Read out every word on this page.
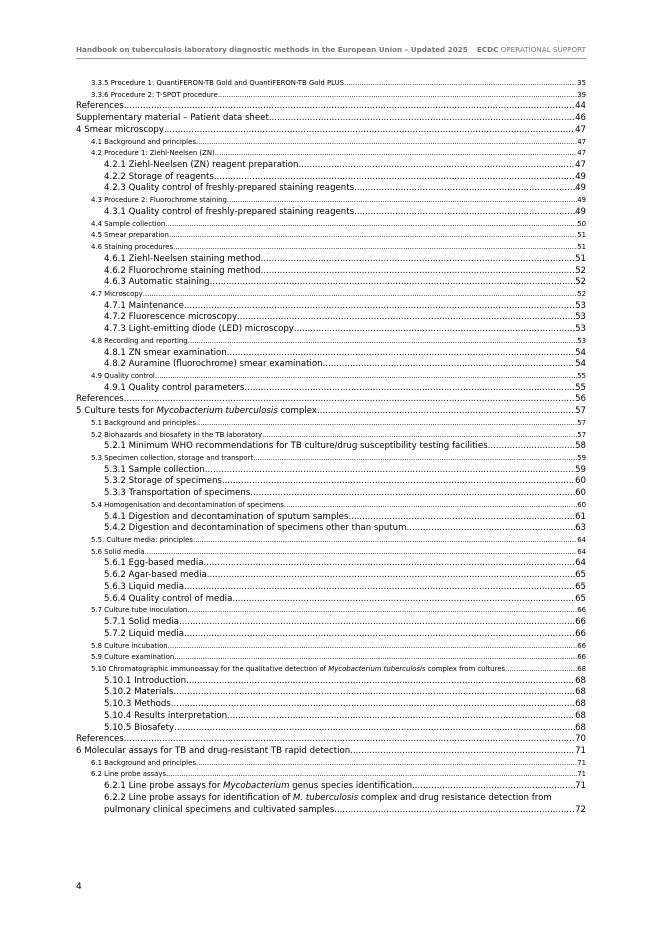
Handbook on tuberculosis laboratory diagnostic methods in the European Union – Updated 2025 ECDC OPERATIONAL SUPPORT
3.3.5 Procedure 1: QuantiFERON-TB Gold and QuantiFERON-TB Gold PLUS .....	35
3.3.6 Procedure 2: T-SPOT procedure .....	39
References .....	44
Supplementary material – Patient data sheet .....	46
4 Smear microscopy .....	47
4.1 Background and principles .....	47
4.2 Procedure 1: Ziehl-Neelsen (ZN) .....	47
4.2.1 Ziehl-Neelsen (ZN) reagent preparation .....	47
4.2.2 Storage of reagents .....	49
4.2.3 Quality control of freshly-prepared staining reagents .....	49
4.3 Procedure 2: Fluorochrome staining .....	49
4.3.1 Quality control of freshly-prepared staining reagents .....	49
4.4 Sample collection .....	50
4.5 Smear preparation .....	51
4.6 Staining procedures .....	51
4.6.1 Ziehl-Neelsen staining method .....	51
4.6.2 Fluorochrome staining method .....	52
4.6.3 Automatic staining .....	52
4.7 Microscopy .....	52
4.7.1 Maintenance .....	53
4.7.2 Fluorescence microscopy .....	53
4.7.3 Light-emitting diode (LED) microscopy .....	53
4.8 Recording and reporting .....	53
4.8.1 ZN smear examination .....	54
4.8.2 Auramine (fluorochrome) smear examination .....	54
4.9 Quality control .....	55
4.9.1 Quality control parameters .....	55
References .....	56
5 Culture tests for Mycobacterium tuberculosis complex .....	57
5.1 Background and principles .....	57
5.2 Biohazards and biosafety in the TB laboratory .....	57
5.2.1 Minimum WHO recommendations for TB culture/drug susceptibility testing facilities .....	58
5.3 Specimen collection, storage and transport .....	59
5.3.1 Sample collection .....	59
5.3.2 Storage of specimens .....	60
5.3.3 Transportation of specimens .....	60
5.4 Homogenisation and decontamination of specimens .....	60
5.4.1 Digestion and decontamination of sputum samples .....	61
5.4.2 Digestion and decontamination of specimens other than sputum .....	63
5.5. Culture media: principles .....	64
5.6 Solid media .....	64
5.6.1 Egg-based media .....	64
5.6.2 Agar-based media .....	65
5.6.3 Liquid media .....	65
5.6.4 Quality control of media .....	65
5.7 Culture tube inoculation .....	66
5.7.1 Solid media .....	66
5.7.2 Liquid media .....	66
5.8 Culture incubation .....	66
5.9 Culture examination .....	66
5.10 Chromatographic immunoassay for the qualitative detection of Mycobacterium tuberculosis complex from cultures .....	68
5.10.1 Introduction .....	68
5.10.2 Materials .....	68
5.10.3 Methods .....	68
5.10.4 Results interpretation .....	68
5.10.5 Biosafety .....	68
References .....	70
6 Molecular assays for TB and drug-resistant TB rapid detection .....	71
6.1 Background and principles .....	71
6.2 Line probe assays .....	71
6.2.1 Line probe assays for Mycobacterium genus species identification .....	71
6.2.2 Line probe assays for identification of M. tuberculosis complex and drug resistance detection from
pulmonary clinical specimens and cultivated samples .....	72
4
